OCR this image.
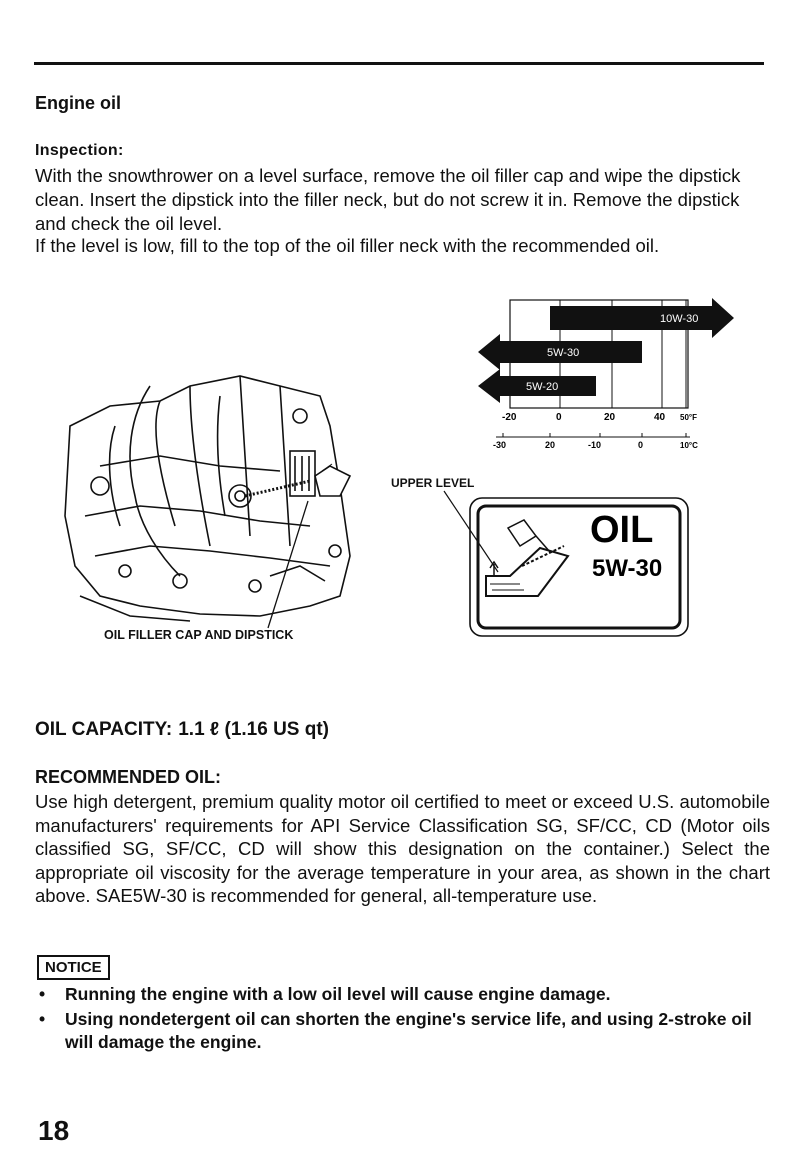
Engine oil
Inspection:
With the snowthrower on a level surface, remove the oil filler cap and wipe the dipstick clean. Insert the dipstick into the filler neck, but do not screw it in. Remove the dipstick and check the oil level.
If the level is low, fill to the top of the oil filler neck with the recommended oil.
10W-30
5W-30
5W-20
-20	0	20	40 50°F
-30	20	-10	0	10°C
OIL
5W-30
OIL FILLER CAP AND DIPSTICK
UPPER LEVEL
OIL CAPACITY: 1.1 ℓ (1.16 US qt)
RECOMMENDED OIL:
Use high detergent, premium quality motor oil certified to meet or exceed U.S. automobile manufacturers' requirements for API Service Classification SG, SF/CC, CD (Motor oils classified SG, SF/CC, CD will show this designation on the container.) Select the appropriate oil viscosity for the average temperature in your area, as shown in the chart above. SAE5W-30 is recommended for general, all-temperature use.
NOTICE
• Running the engine with a low oil level will cause engine damage.
• Using nondetergent oil can shorten the engine's service life, and using 2-stroke oil will damage the engine.
18
